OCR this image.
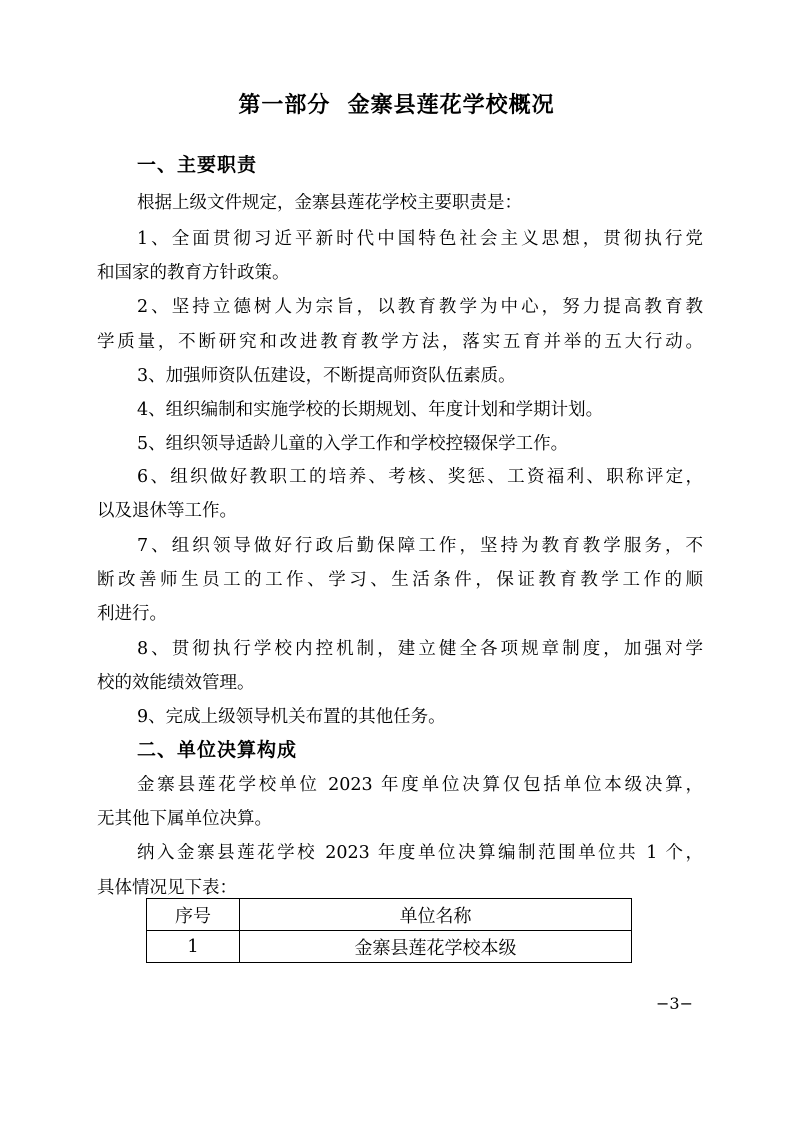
第一部分  金寨县莲花学校概况
一、主要职责
根据上级文件规定，金寨县莲花学校主要职责是：
1、全面贯彻习近平新时代中国特色社会主义思想，贯彻执行党
和国家的教育方针政策。
2、坚持立德树人为宗旨，以教育教学为中心，努力提高教育教
学质量，不断研究和改进教育教学方法，落实五育并举的五大行动。
3、加强师资队伍建设，不断提高师资队伍素质。
4、组织编制和实施学校的长期规划、年度计划和学期计划。
5、组织领导适龄儿童的入学工作和学校控辍保学工作。
6、组织做好教职工的培养、考核、奖惩、工资福利、职称评定，
以及退休等工作。
7、组织领导做好行政后勤保障工作，坚持为教育教学服务，不
断改善师生员工的工作、学习、生活条件，保证教育教学工作的顺
利进行。
8、贯彻执行学校内控机制，建立健全各项规章制度，加强对学
校的效能绩效管理。
9、完成上级领导机关布置的其他任务。
二、单位决算构成
金寨县莲花学校单位 2023 年度单位决算仅包括单位本级决算，
无其他下属单位决算。
纳入金寨县莲花学校 2023 年度单位决算编制范围单位共 1 个，
具体情况见下表：
序号	单位名称
1	金寨县莲花学校本级
−3−
